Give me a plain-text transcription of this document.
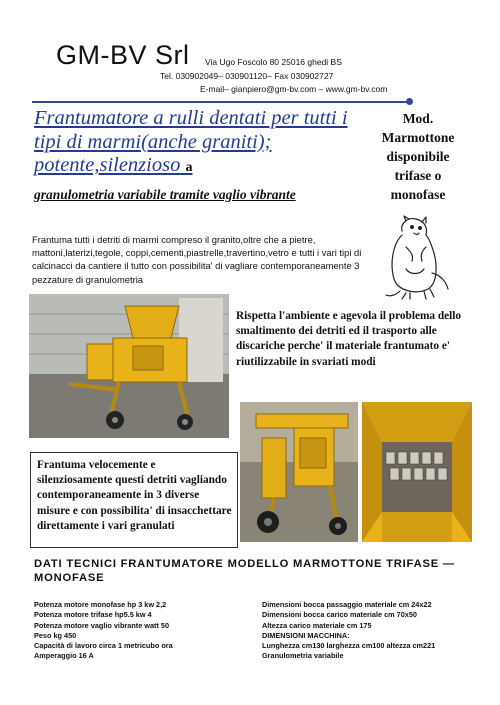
GM-BV Srl Via Ugo Foscolo 80 25016 ghedi BS
Tel. 030902049– 030901120– Fax 030902727
E-mail– gianpiero@gm-bv.com – www.gm-bv.com
Frantumatore a rulli dentati per tutti i tipi di marmi(anche graniti); potente,silenzioso a
granulometria variabile tramite vaglio vibrante
Mod.
Marmottone
disponibile
trifase o
monofase
Frantuma tutti i detriti di marmi compreso il granito,oltre che a pietre, mattoni,laterizi,tegole, coppi,cementi,piastrelle,travertino,vetro e tutti i vari tipi di calcinacci da cantiere il tutto con possibilita' di vagliare contemporaneamente 3 pezzature di granulometria
Rispetta l'ambiente e agevola il problema dello smaltimento dei detriti ed il trasporto alle discariche perche' il materiale frantumato e' riutilizzabile in svariati modi
Frantuma velocemente e silenziosamente questi detriti vagliando contemporaneamente in 3 diverse misure e con possibilita' di insacchettare direttamente i vari granulati
DATI TECNICI FRANTUMATORE MODELLO MARMOTTONE TRIFASE — MONOFASE
Potenza motore monofase hp 3 kw 2,2
Potenza motore trifase hp5.5 kw 4
Potenza motore vaglio vibrante watt 50
Peso kg 450
Capacità di lavoro circa 1 metricubo ora
Amperaggio 16 A
Dimensioni bocca passaggio materiale cm 24x22
Dimensioni bocca carico materiale cm 70x50
Altezza carico materiale cm 175
DIMENSIONI MACCHINA:
Lunghezza cm130 larghezza cm100 altezza cm221
Granulometria variabile
